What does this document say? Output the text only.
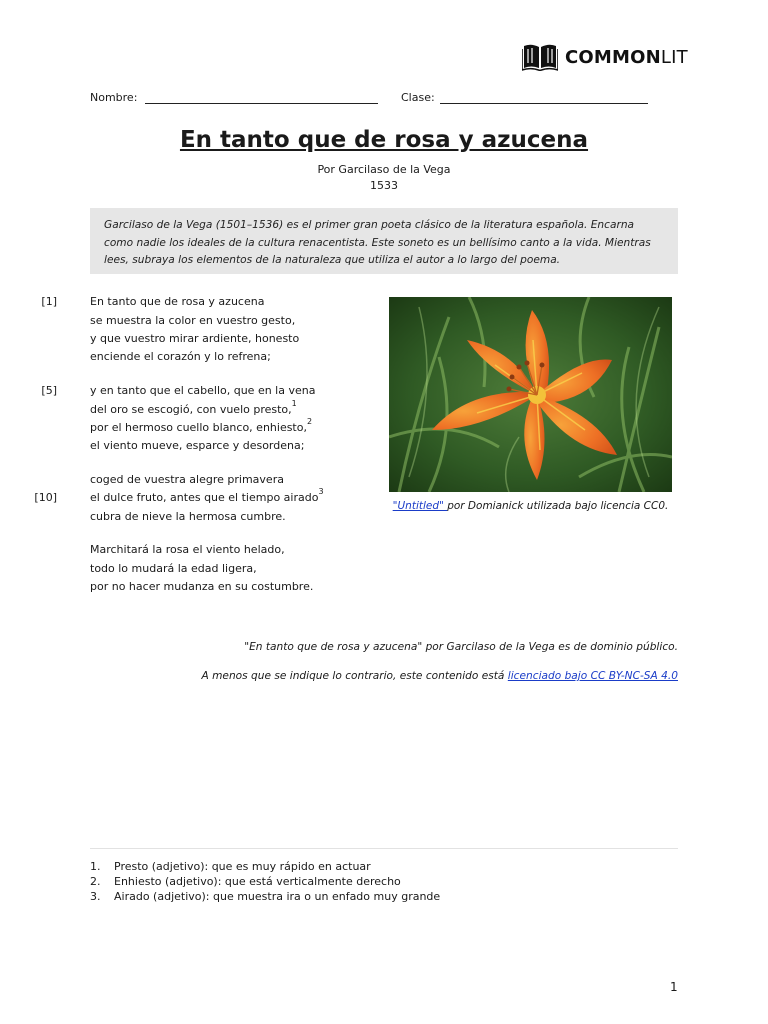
COMMONLIT
Nombre:	Clase:
En tanto que de rosa y azucena
Por Garcilaso de la Vega
1533
Garcilaso de la Vega (1501–1536) es el primer gran poeta clásico de la literatura española. Encarna como nadie los ideales de la cultura renacentista. Este soneto es un bellísimo canto a la vida. Mientras lees, subraya los elementos de la naturaleza que utiliza el autor a lo largo del poema.
[1]
[5]
[10]
En tanto que de rosa y azucena
se muestra la color en vuestro gesto,
y que vuestro mirar ardiente, honesto
enciende el corazón y lo refrena;
y en tanto que el cabello, que en la vena
del oro se escogió, con vuelo presto,$^1$
por el hermoso cuello blanco, enhiesto,$^2$
el viento mueve, esparce y desordena;
coged de vuestra alegre primavera
el dulce fruto, antes que el tiempo airado$^3$
cubra de nieve la hermosa cumbre.
Marchitará la rosa el viento helado,
todo lo mudará la edad ligera,
por no hacer mudanza en su costumbre.
"Untitled" por Domianick utilizada bajo licencia CC0.
"En tanto que de rosa y azucena" por Garcilaso de la Vega es de dominio público.
A menos que se indique lo contrario, este contenido está licenciado bajo CC BY-NC-SA 4.0
1. Presto (adjetivo): que es muy rápido en actuar
2. Enhiesto (adjetivo): que está verticalmente derecho
3. Airado (adjetivo): que muestra ira o un enfado muy grande
1
